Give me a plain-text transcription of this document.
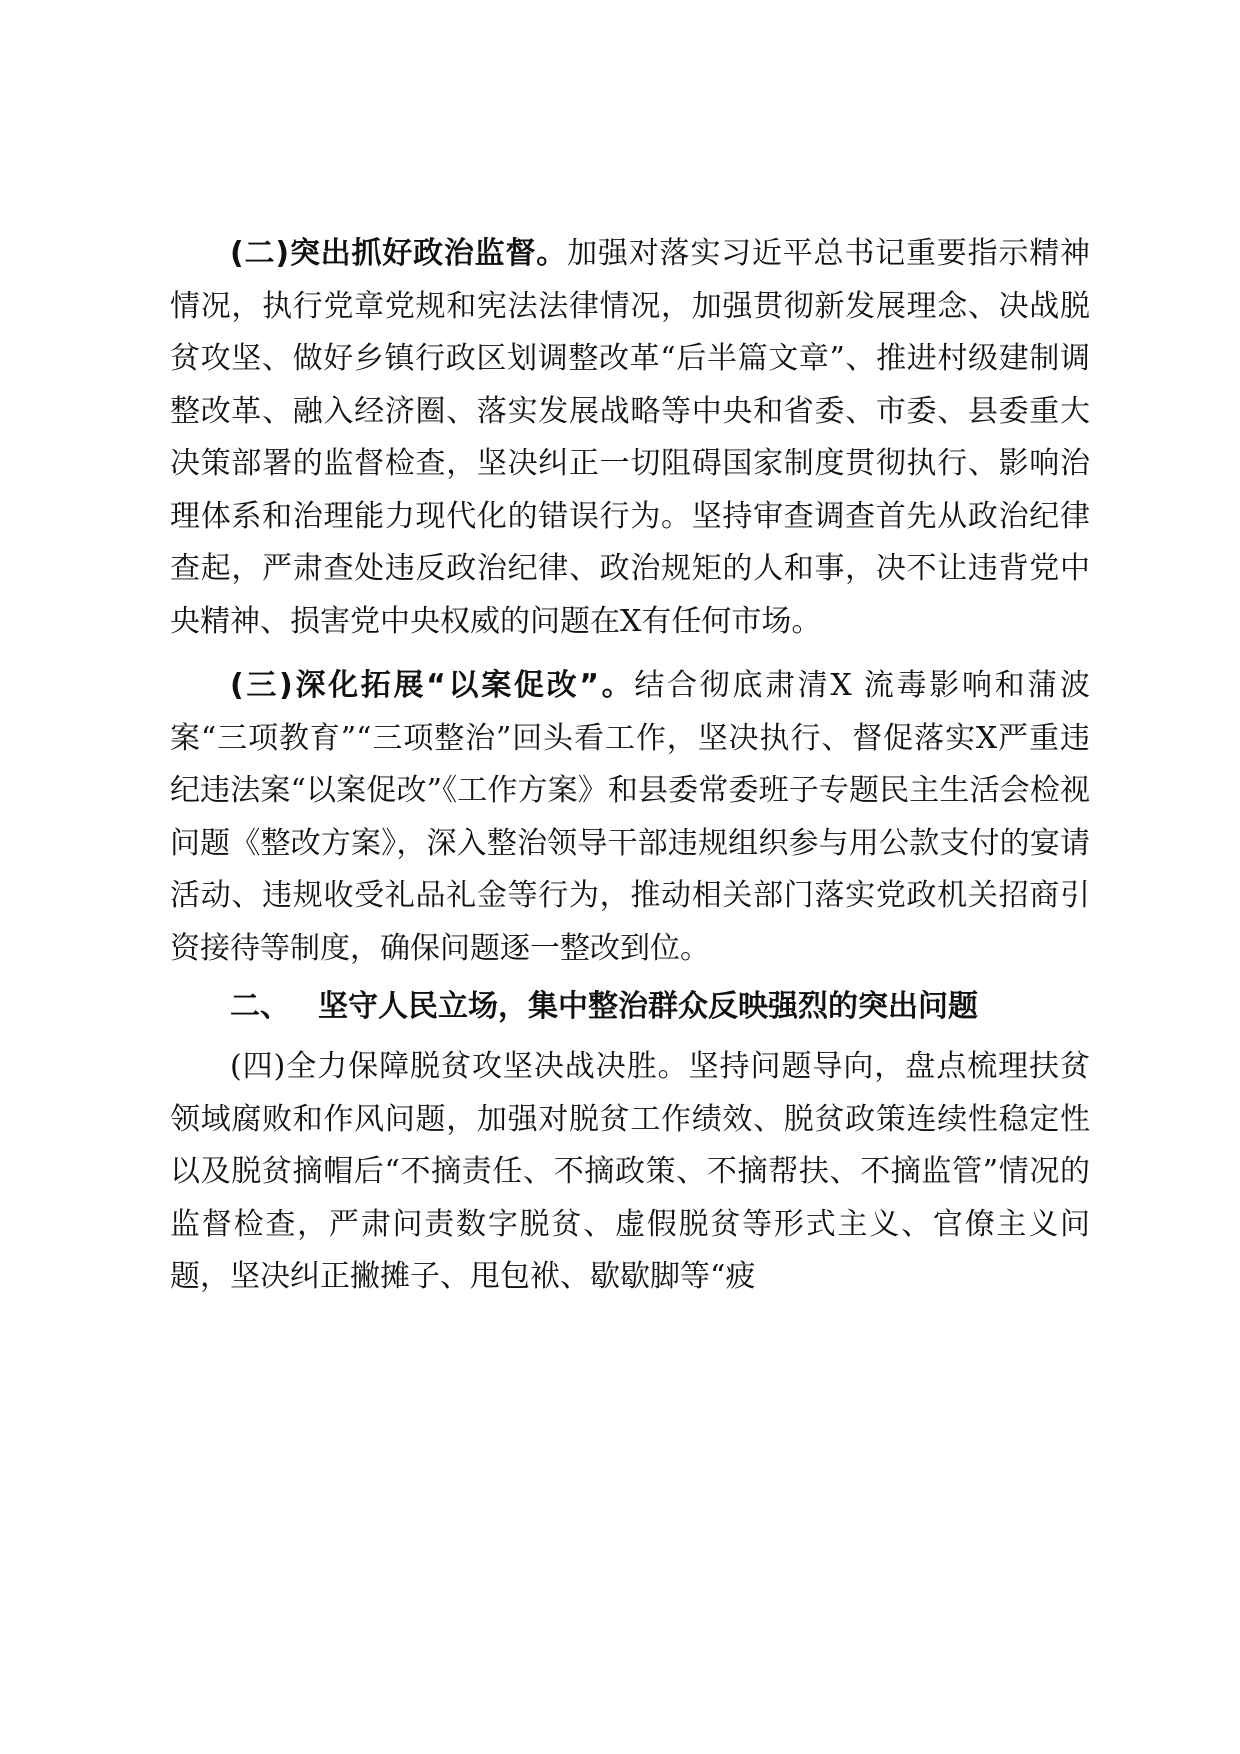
(二)突出抓好政治监督。加强对落实习近平总书记重要指示精神情况，执行党章党规和宪法法律情况，加强贯彻新发展理念、决战脱贫攻坚、做好乡镇行政区划调整改革“后半篇文章”、推进村级建制调整改革、融入经济圈、落实发展战略等中央和省委、市委、县委重大决策部署的监督检查，坚决纠正一切阻碍国家制度贯彻执行、影响治理体系和治理能力现代化的错误行为。坚持审查调查首先从政治纪律查起，严肃查处违反政治纪律、政治规矩的人和事，决不让违背党中央精神、损害党中央权威的问题在X有任何市场。

(三)深化拓展“以案促改”。结合彻底肃清X 流毒影响和蒲波案“三项教育”“三项整治”回头看工作，坚决执行、督促落实X严重违纪违法案“以案促改”《工作方案》和县委常委班子专题民主生活会检视问题《整改方案》，深入整治领导干部违规组织参与用公款支付的宴请活动、违规收受礼品礼金等行为，推动相关部门落实党政机关招商引资接待等制度，确保问题逐一整改到位。

二、 坚守人民立场，集中整治群众反映强烈的突出问题

(四)全力保障脱贫攻坚决战决胜。坚持问题导向，盘点梳理扶贫领域腐败和作风问题，加强对脱贫工作绩效、脱贫政策连续性稳定性以及脱贫摘帽后“不摘责任、不摘政策、不摘帮扶、不摘监管”情况的监督检查，严肃问责数字脱贫、虚假脱贫等形式主义、官僚主义问题，坚决纠正撇摊子、甩包袱、歇歇脚等“疲
